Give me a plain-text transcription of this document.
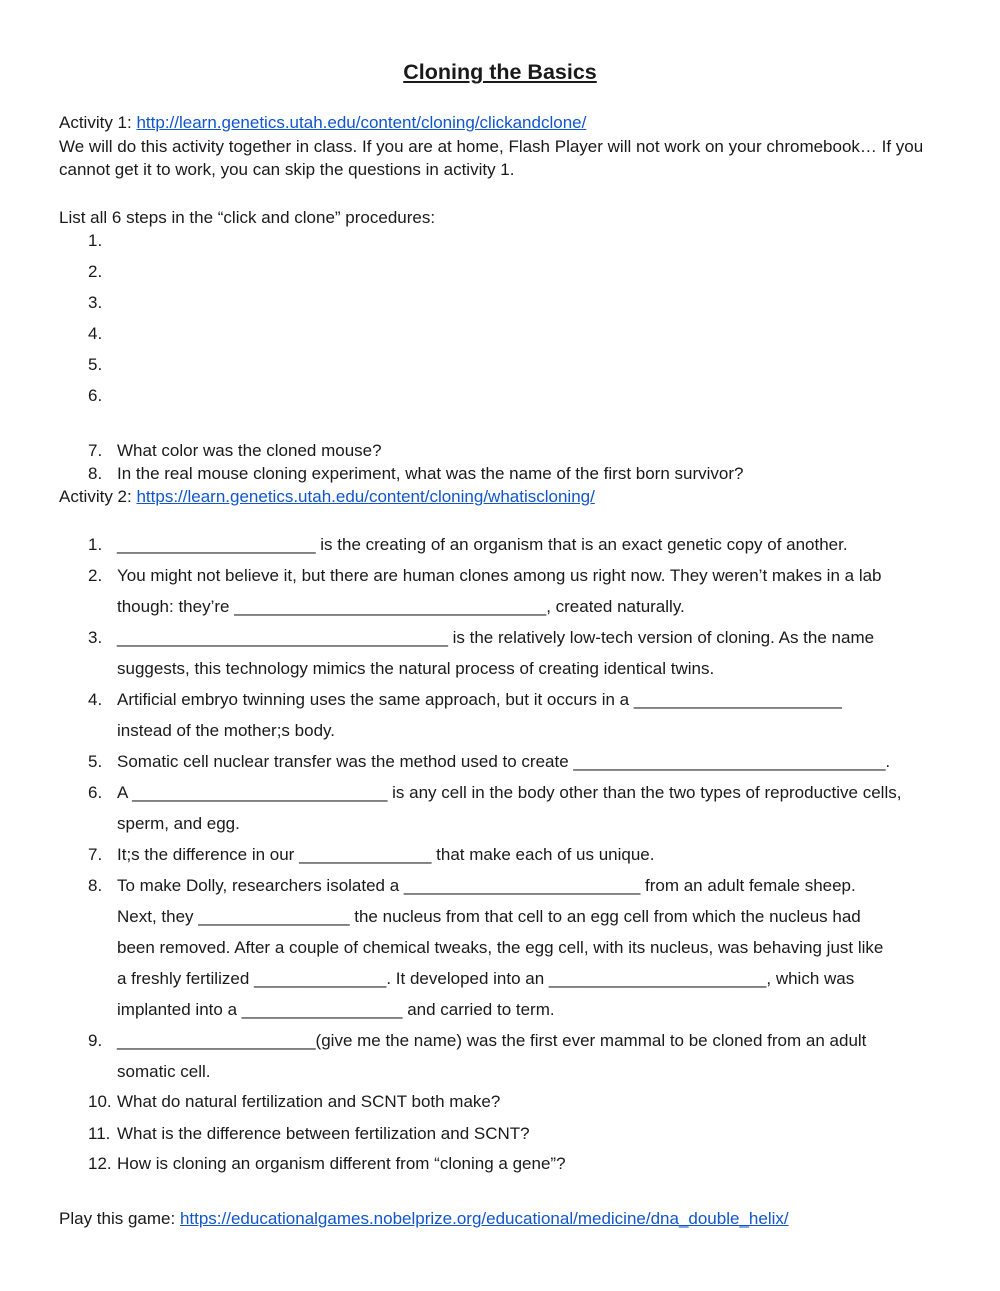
Cloning the Basics
Activity 1: http://learn.genetics.utah.edu/content/cloning/clickandclone/
We will do this activity together in class. If you are at home, Flash Player will not work on your chromebook… If you cannot get it to work, you can skip the questions in activity 1.
List all 6 steps in the “click and clone” procedures:
1.
2.
3.
4.
5.
6.
7. What color was the cloned mouse?
8. In the real mouse cloning experiment, what was the name of the first born survivor?
Activity 2: https://learn.genetics.utah.edu/content/cloning/whatiscloning/
1. _____________________ is the creating of an organism that is an exact genetic copy of another.
2. You might not believe it, but there are human clones among us right now. They weren’t makes in a lab
though: they’re _________________________________, created naturally.
3. ___________________________________ is the relatively low-tech version of cloning. As the name
suggests, this technology mimics the natural process of creating identical twins.
4. Artificial embryo twinning uses the same approach, but it occurs in a ______________________
instead of the mother;s body.
5. Somatic cell nuclear transfer was the method used to create _________________________________.
6. A ___________________________ is any cell in the body other than the two types of reproductive cells,
sperm, and egg.
7. It;s the difference in our ______________ that make each of us unique.
8. To make Dolly, researchers isolated a _________________________ from an adult female sheep.
Next, they ________________ the nucleus from that cell to an egg cell from which the nucleus had
been removed. After a couple of chemical tweaks, the egg cell, with its nucleus, was behaving just like
a freshly fertilized ______________. It developed into an _______________________, which was
implanted into a _________________ and carried to term.
9. _____________________(give me the name) was the first ever mammal to be cloned from an adult
somatic cell.
10. What do natural fertilization and SCNT both make?
11. What is the difference between fertilization and SCNT?
12. How is cloning an organism different from “cloning a gene”?
Play this game: https://educationalgames.nobelprize.org/educational/medicine/dna_double_helix/
